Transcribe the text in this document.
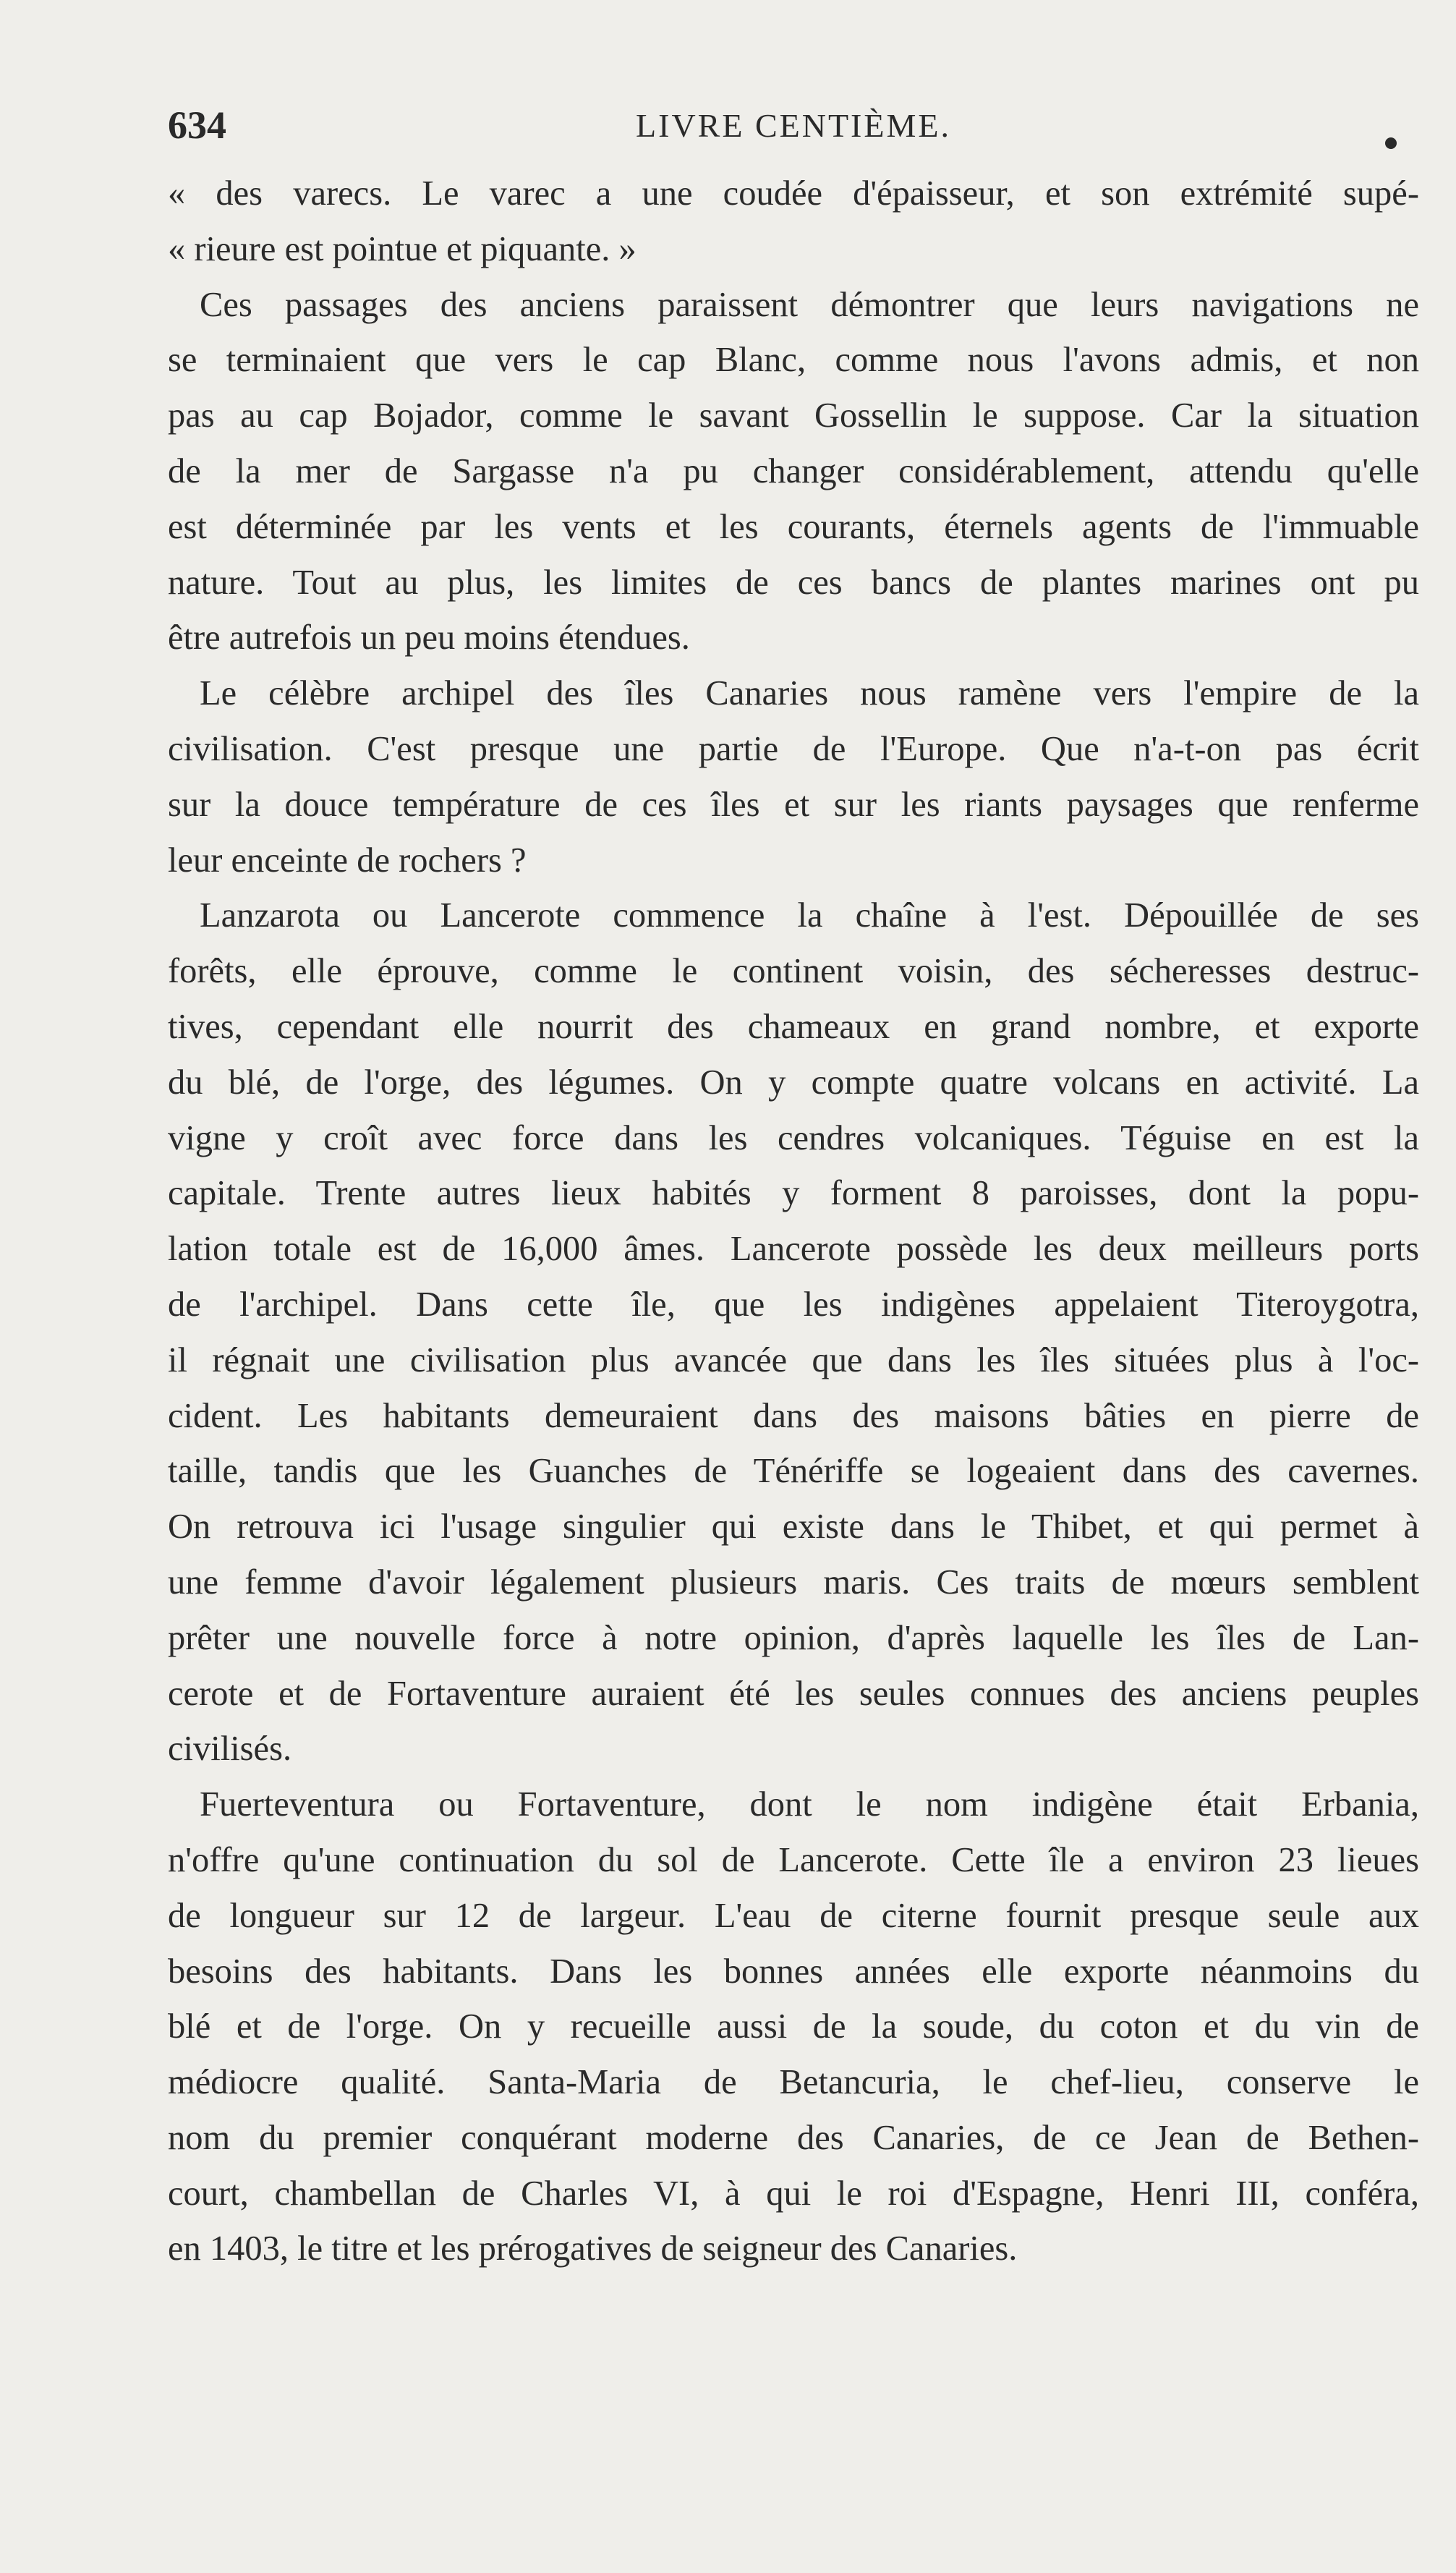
634	LIVRE CENTIÈME.
« des varecs. Le varec a une coudée d'épaisseur, et son extrémité supé-
« rieure est pointue et piquante. »
Ces passages des anciens paraissent démontrer que leurs navigations ne
se terminaient que vers le cap Blanc, comme nous l'avons admis, et non
pas au cap Bojador, comme le savant Gossellin le suppose. Car la situation
de la mer de Sargasse n'a pu changer considérablement, attendu qu'elle
est déterminée par les vents et les courants, éternels agents de l'immuable
nature. Tout au plus, les limites de ces bancs de plantes marines ont pu
être autrefois un peu moins étendues.
Le célèbre archipel des îles Canaries nous ramène vers l'empire de la
civilisation. C'est presque une partie de l'Europe. Que n'a-t-on pas écrit
sur la douce température de ces îles et sur les riants paysages que renferme
leur enceinte de rochers ?
Lanzarota ou Lancerote commence la chaîne à l'est. Dépouillée de ses
forêts, elle éprouve, comme le continent voisin, des sécheresses destruc-
tives, cependant elle nourrit des chameaux en grand nombre, et exporte
du blé, de l'orge, des légumes. On y compte quatre volcans en activité. La
vigne y croît avec force dans les cendres volcaniques. Téguise en est la
capitale. Trente autres lieux habités y forment 8 paroisses, dont la popu-
lation totale est de 16,000 âmes. Lancerote possède les deux meilleurs ports
de l'archipel. Dans cette île, que les indigènes appelaient Titeroygotra,
il régnait une civilisation plus avancée que dans les îles situées plus à l'oc-
cident. Les habitants demeuraient dans des maisons bâties en pierre de
taille, tandis que les Guanches de Ténériffe se logeaient dans des cavernes.
On retrouva ici l'usage singulier qui existe dans le Thibet, et qui permet à
une femme d'avoir légalement plusieurs maris. Ces traits de mœurs semblent
prêter une nouvelle force à notre opinion, d'après laquelle les îles de Lan-
cerote et de Fortaventure auraient été les seules connues des anciens peuples
civilisés.
Fuerteventura ou Fortaventure, dont le nom indigène était Erbania,
n'offre qu'une continuation du sol de Lancerote. Cette île a environ 23 lieues
de longueur sur 12 de largeur. L'eau de citerne fournit presque seule aux
besoins des habitants. Dans les bonnes années elle exporte néanmoins du
blé et de l'orge. On y recueille aussi de la soude, du coton et du vin de
médiocre qualité. Santa-Maria de Betancuria, le chef-lieu, conserve le
nom du premier conquérant moderne des Canaries, de ce Jean de Bethen-
court, chambellan de Charles VI, à qui le roi d'Espagne, Henri III, conféra,
en 1403, le titre et les prérogatives de seigneur des Canaries.
